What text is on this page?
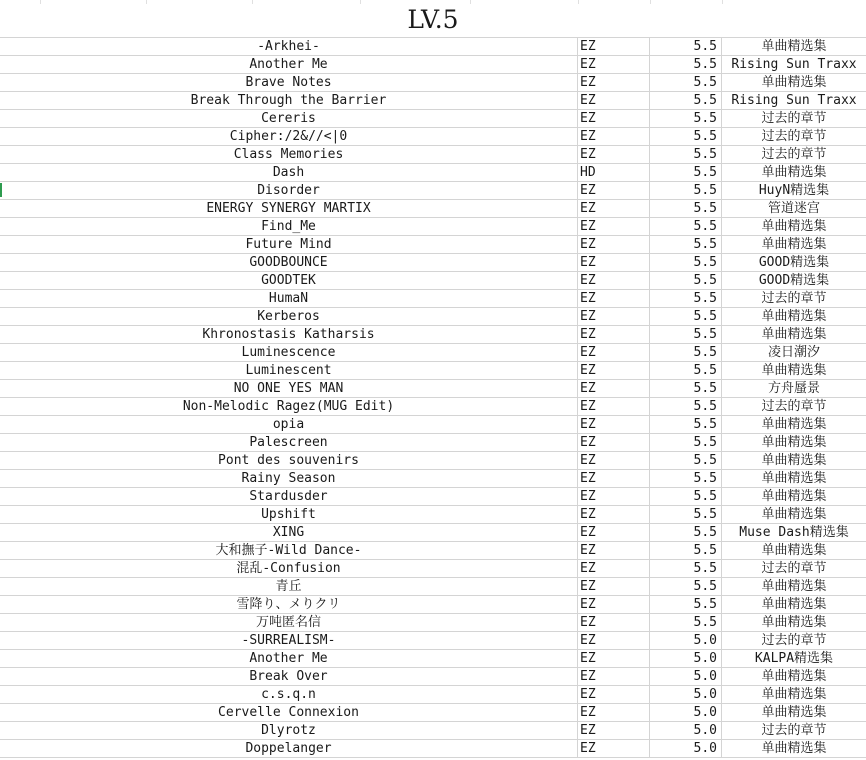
LV.5
-Arkhei-	EZ	5.5	单曲精选集
Another Me	EZ	5.5	Rising Sun Traxx
Brave Notes	EZ	5.5	单曲精选集
Break Through the Barrier	EZ	5.5	Rising Sun Traxx
Cereris	EZ	5.5	过去的章节
Cipher:/2&//<|0	EZ	5.5	过去的章节
Class Memories	EZ	5.5	过去的章节
Dash	HD	5.5	单曲精选集
Disorder	EZ	5.5	HuyN精选集
ENERGY SYNERGY MARTIX	EZ	5.5	管道迷宫
Find_Me	EZ	5.5	单曲精选集
Future Mind	EZ	5.5	单曲精选集
GOODBOUNCE	EZ	5.5	GOOD精选集
GOODTEK	EZ	5.5	GOOD精选集
HumaN	EZ	5.5	过去的章节
Kerberos	EZ	5.5	单曲精选集
Khronostasis Katharsis	EZ	5.5	单曲精选集
Luminescence	EZ	5.5	凌日潮汐
Luminescent	EZ	5.5	单曲精选集
NO ONE YES MAN	EZ	5.5	方舟蜃景
Non-Melodic Ragez(MUG Edit)	EZ	5.5	过去的章节
opia	EZ	5.5	单曲精选集
Palescreen	EZ	5.5	单曲精选集
Pont des souvenirs	EZ	5.5	单曲精选集
Rainy Season	EZ	5.5	单曲精选集
Stardusder	EZ	5.5	单曲精选集
Upshift	EZ	5.5	单曲精选集
XING	EZ	5.5	Muse Dash精选集
大和撫子-Wild Dance-	EZ	5.5	单曲精选集
混乱-Confusion	EZ	5.5	过去的章节
青丘	EZ	5.5	单曲精选集
雪降り、メりクリ	EZ	5.5	单曲精选集
万吨匿名信	EZ	5.5	单曲精选集
-SURREALISM-	EZ	5.0	过去的章节
Another Me	EZ	5.0	KALPA精选集
Break Over	EZ	5.0	单曲精选集
c.s.q.n	EZ	5.0	单曲精选集
Cervelle Connexion	EZ	5.0	单曲精选集
Dlyrotz	EZ	5.0	过去的章节
Doppelanger	EZ	5.0	单曲精选集
